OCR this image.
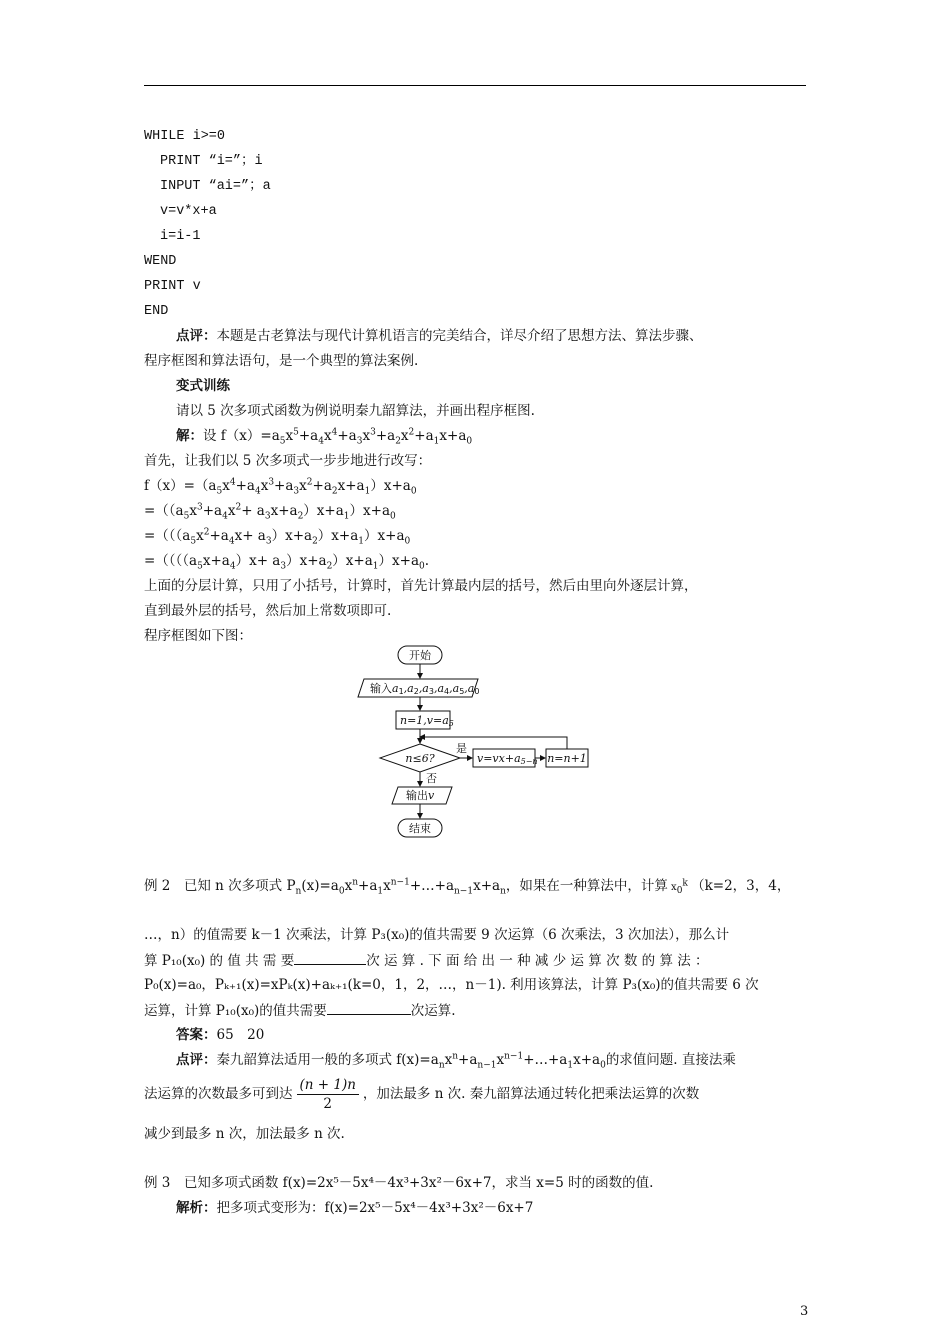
WHILE i>=0
PRINT “i=”；i
INPUT “ai=”；a
v=v*x+a
i=i-1
WEND
PRINT v
END
点评：本题是古老算法与现代计算机语言的完美结合，详尽介绍了思想方法、算法步骤、
程序框图和算法语句，是一个典型的算法案例.
变式训练
请以 5 次多项式函数为例说明秦九韶算法，并画出程序框图.
解：设 $f(x)=a_5x^5+a_4x^4+a_3x^3+a_2x^2+a_1x+a_0$
首先，让我们以 5 次多项式一步步地进行改写：
$f(x)=(a_5x^4+a_4x^3+a_3x^2+a_2x+a_1)x+a_0$
$=((a_5x^3+a_4x^2+ a_3x+a_2)x+a_1)x+a_0$
$=(((a_5x^2+a_4x+ a_3)x+a_2)x+a_1)x+a_0$
$=((((a_5x+a_4)x+ a_3)x+a_2)x+a_1)x+a_0$.
上面的分层计算，只用了小括号，计算时，首先计算最内层的括号，然后由里向外逐层计算，
直到最外层的括号，然后加上常数项即可.
程序框图如下图：
开始
输入a1,a2,a3,a4,a5,a0
n=1,v=a5
n≤6?
是
v=vx+a5−n n=n+1
否
输出v
结束
例 2　 已知 n 次多项式 $P_n(x)=a_0x^n+a_1x^{n-1}+\dots+a_{n-1}x+a_n$，如果在一种算法中，计算 $x_0^k$ （k=2，3，4，
…，n）的值需要 k－1 次乘法，计算 P₃(x₀)的值共需要 9 次运算（6 次乘法，3 次加法），那么计
算 P₁₀(x₀) 的 值 共 需 要	次 运 算 . 下 面 给 出 一 种 减 少 运 算 次 数 的 算 法 ：
P₀(x)=a₀，Pₖ₊₁(x)=xPₖ(x)+aₖ₊₁(k=0，1，2，…，n－1). 利用该算法，计算 P₃(x₀)的值共需要 6 次
运算，计算 P₁₀(x₀)的值共需要	次运算.
答案：65　20
点评：秦九韶算法适用一般的多项式 $f(x)=a_nx^n+a_{n-1}x^{n-1}+\dots+a_1x+a_0$的求值问题. 直接法乘
法运算的次数最多可到达 $\frac{(n + 1)n}{2}$ ，加法最多 n 次. 秦九韶算法通过转化把乘法运算的次数
减少到最多 n 次，加法最多 n 次.
例 3　 已知多项式函数 f(x)=2x⁵－5x⁴－4x³+3x²－6x+7，求当 x=5 时的函数的值.
解析：把多项式变形为：f(x)=2x⁵－5x⁴－4x³+3x²－6x+7
3
